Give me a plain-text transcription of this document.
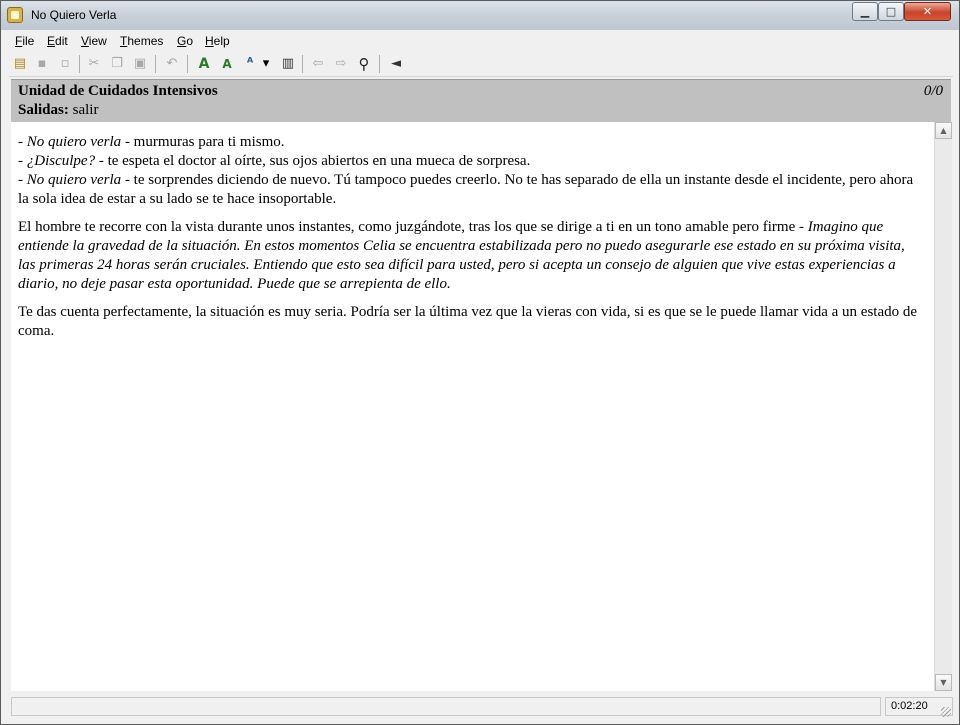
No Quiero Verla	▁	□	✕
File Edit View Themes Go Help
▤ ▪	▫	✂ ❐ ▣ ↶ A	A	ᴬ ▾ ▥ ⇦ ⇨ ⚲	◄
Unidad de Cuidados Intensivos	0/0
Salidas: salir
- No quiero verla - murmuras para ti mismo.
- ¿Disculpe? - te espeta el doctor al oírte, sus ojos abiertos en una mueca de sorpresa.
- No quiero verla - te sorprendes diciendo de nuevo. Tú tampoco puedes creerlo. No te has separado de ella un instante desde el incidente, pero ahora la sola idea de estar a su lado se te hace insoportable.
El hombre te recorre con la vista durante unos instantes, como juzgándote, tras los que se dirige a ti en un tono amable pero firme - Imagino que entiende la gravedad de la situación. En estos momentos Celia se encuentra estabilizada pero no puedo asegurarle ese estado en su próxima visita, las primeras 24 horas serán cruciales. Entiendo que esto sea difícil para usted, pero si acepta un consejo de alguien que vive estas experiencias a diario, no deje pasar esta oportunidad. Puede que se arrepienta de ello.
Te das cuenta perfectamente, la situación es muy seria. Podría ser la última vez que la vieras con vida, si es que se le puede llamar vida a un estado de coma.
▲
▼
0:02:20
